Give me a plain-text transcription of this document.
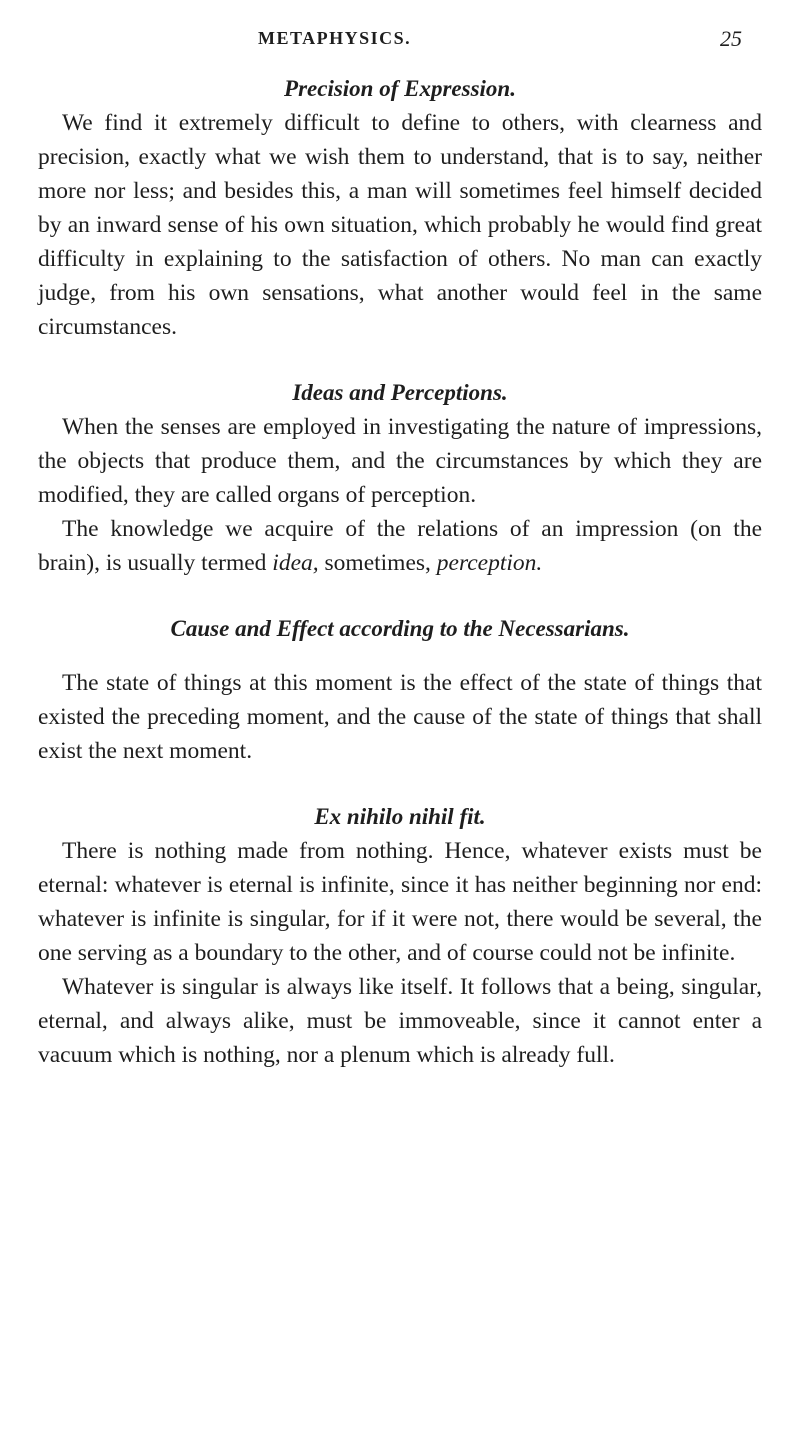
METAPHYSICS.	25
Precision of Expression.

We find it extremely difficult to define to others, with clearness and precision, exactly what we wish them to understand, that is to say, neither more nor less; and besides this, a man will sometimes feel himself decided by an inward sense of his own situation, which probably he would find great difficulty in explaining to the satisfaction of others. No man can exactly judge, from his own sensations, what another would feel in the same circumstances.

Ideas and Perceptions.

When the senses are employed in investigating the nature of impressions, the objects that produce them, and the circumstances by which they are modified, they are called organs of perception.

The knowledge we acquire of the relations of an impression (on the brain), is usually termed idea, sometimes, perception.

Cause and Effect according to the Necessarians.

The state of things at this moment is the effect of the state of things that existed the preceding moment, and the cause of the state of things that shall exist the next moment.

Ex nihilo nihil fit.

There is nothing made from nothing. Hence, whatever exists must be eternal: whatever is eternal is infinite, since it has neither beginning nor end: whatever is infinite is singular, for if it were not, there would be several, the one serving as a boundary to the other, and of course could not be infinite.

Whatever is singular is always like itself. It follows that a being, singular, eternal, and always alike, must be immoveable, since it cannot enter a vacuum which is nothing, nor a plenum which is already full.
